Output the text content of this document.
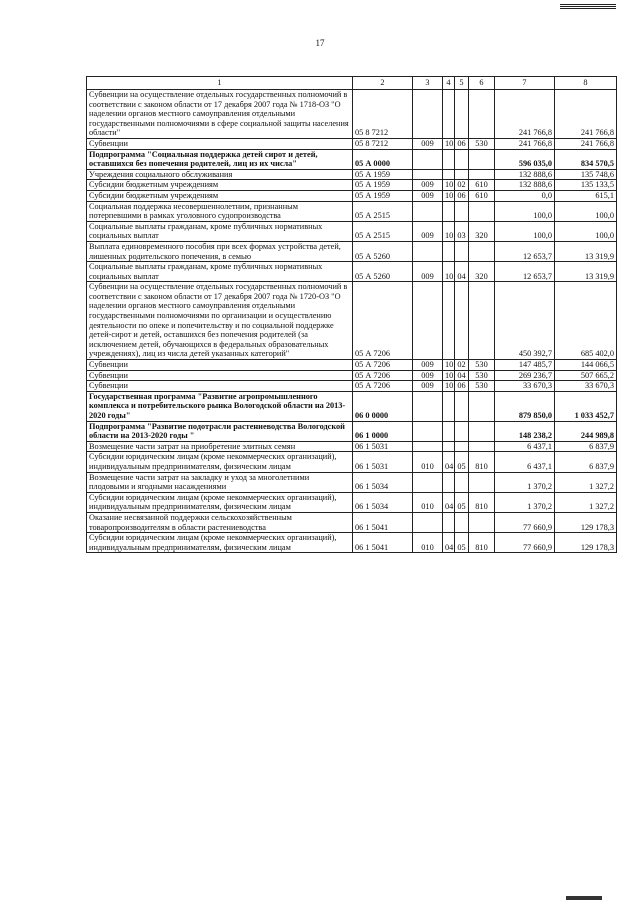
17
1	2	3	4	5	6	7	8
Субвенции на осуществление отдельных государственных полномочий в соответствии с законом области от 17 декабря 2007 года № 1718-ОЗ "О наделении органов местного самоуправления отдельными государственными полномочиями в сфере социальной защиты населения области"	05 8 7212					241 766,8	241 766,8
Субвенции	05 8 7212	009	10	06	530	241 766,8	241 766,8
Подпрограмма "Социальная поддержка детей сирот и детей, оставшихся без попечения родителей, лиц из их числа"	05 А 0000					596 035,0	834 570,5
Учреждения социального обслуживания	05 А 1959					132 888,6	135 748,6
Субсидии бюджетным учреждениям	05 А 1959	009	10	02	610	132 888,6	135 133,5
Субсидии бюджетным учреждениям	05 А 1959	009	10	06	610	0,0	615,1
Социальная поддержка несовершеннолетним, признанным потерпевшими в рамках уголовного судопроизводства	05 А 2515					100,0	100,0
Социальные выплаты гражданам, кроме публичных нормативных социальных выплат	05 А 2515	009	10	03	320	100,0	100,0
Выплата единовременного пособия при всех формах устройства детей, лишенных родительского попечения, в семью	05 А 5260					12 653,7	13 319,9
Социальные выплаты гражданам, кроме публичных нормативных социальных выплат	05 А 5260	009	10	04	320	12 653,7	13 319,9
Субвенции на осуществление отдельных государственных полномочий в соответствии с законом области от 17 декабря 2007 года № 1720-ОЗ "О наделении органов местного самоуправления отдельными государственными полномочиями по организации и осуществлению деятельности по опеке и попечительству и по социальной поддержке детей-сирот и детей, оставшихся без попечения родителей (за исключением детей, обучающихся в федеральных образовательных учреждениях), лиц из числа детей указанных категорий"	05 А 7206					450 392,7	685 402,0
Субвенции	05 А 7206	009	10	02	530	147 485,7	144 066,5
Субвенции	05 А 7206	009	10	04	530	269 236,7	507 665,2
Субвенции	05 А 7206	009	10	06	530	33 670,3	33 670,3
Государственная программа "Развитие агропромышленного комплекса и потребительского рынка Вологодской области на 2013-2020 годы"	06 0 0000					879 850,0	1 033 452,7
Подпрограмма "Развитие подотрасли растениеводства Вологодской области на 2013-2020 годы "	06 1 0000					148 238,2	244 989,8
Возмещение части затрат на приобретение элитных семян	06 1 5031					6 437,1	6 837,9
Субсидии юридическим лицам (кроме некоммерческих организаций), индивидуальным предпринимателям, физическим лицам	06 1 5031	010	04	05	810	6 437,1	6 837,9
Возмещение части затрат на закладку и уход за многолетними плодовыми и ягодными насаждениями	06 1 5034					1 370,2	1 327,2
Субсидии юридическим лицам (кроме некоммерческих организаций), индивидуальным предпринимателям, физическим лицам	06 1 5034	010	04	05	810	1 370,2	1 327,2
Оказание несвязанной поддержки сельскохозяйственным товаропроизводителям в области растениеводства	06 1 5041					77 660,9	129 178,3
Субсидии юридическим лицам (кроме некоммерческих организаций), индивидуальным предпринимателям, физическим лицам	06 1 5041	010	04	05	810	77 660,9	129 178,3
